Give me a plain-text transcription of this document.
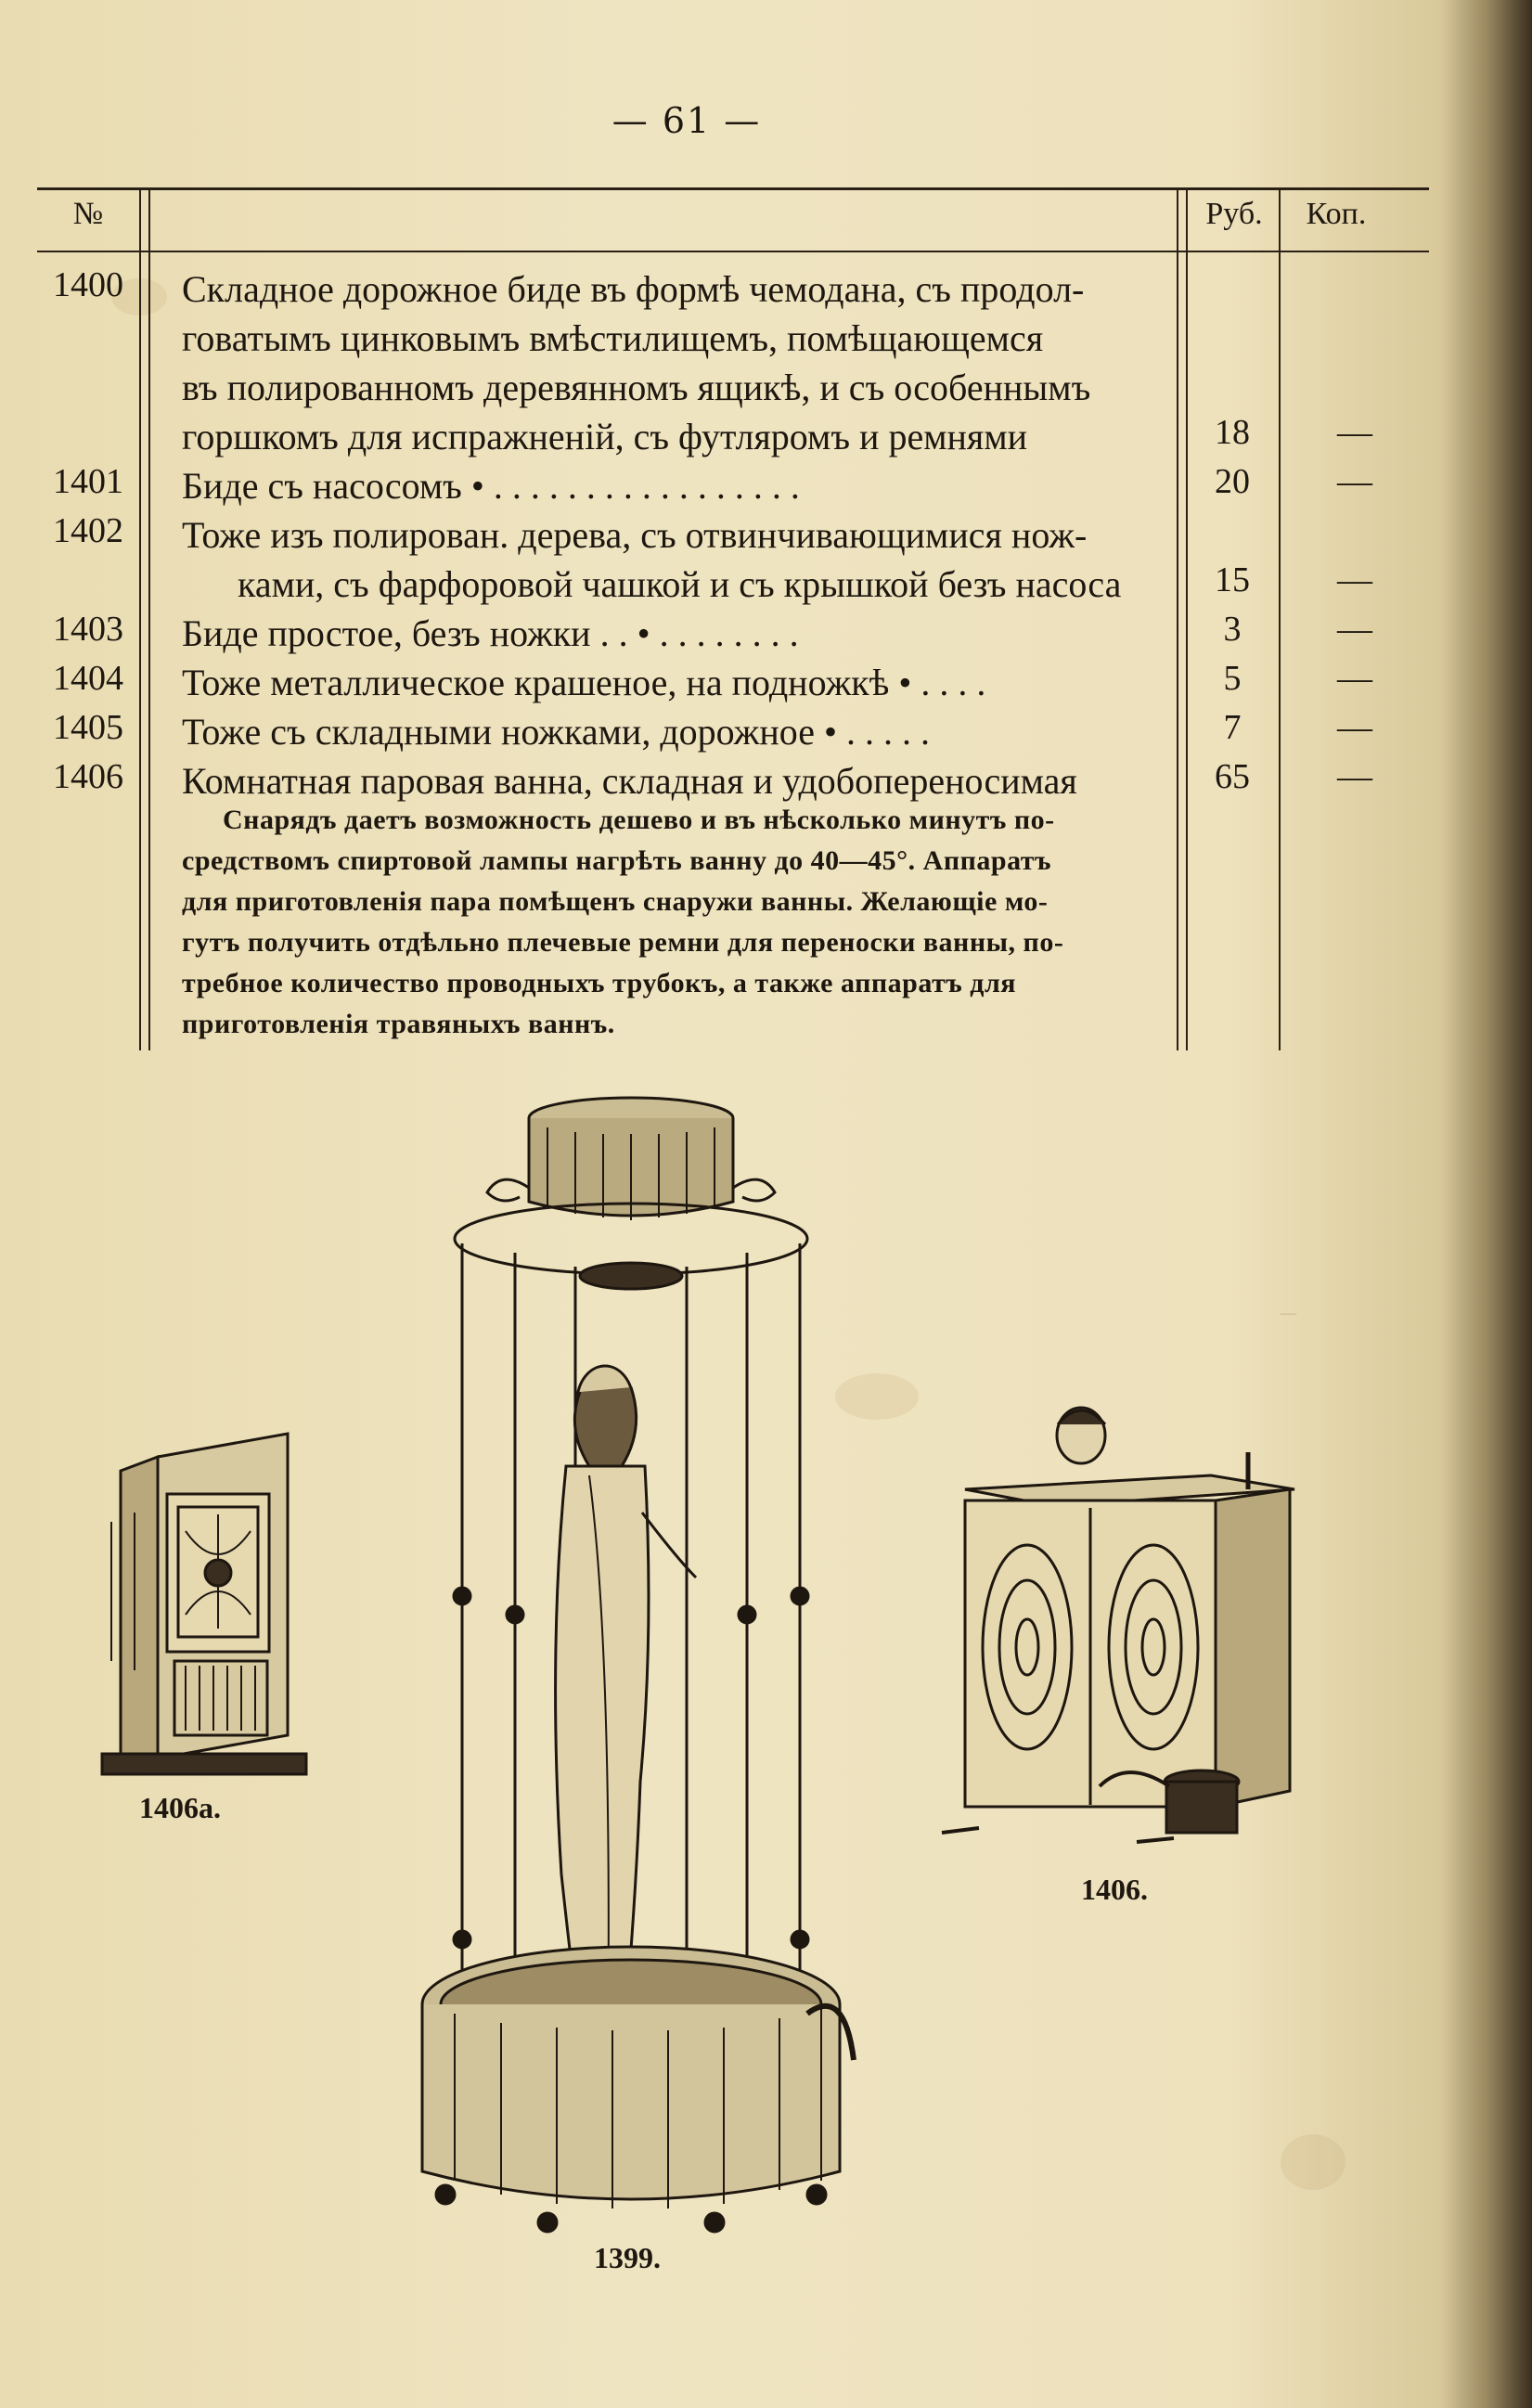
‒
— 61 —
№	Руб.	Коп.
1400	Складное дорожное биде въ формѣ чемодана, съ продол-
говатымъ цинковымъ вмѣстилищемъ, помѣщающемся
въ полированномъ деревянномъ ящикѣ, и съ особеннымъ
горшкомъ для испражненій, съ футляромъ и ремнями	18	—
1401	Биде съ насосомъ • . . . . . . . . . . . . . . . . .	20	—
1402	Тоже изъ полирован. дерева, съ отвинчивающимися нож-
ками, съ фарфоровой чашкой и съ крышкой безъ насоса	15	—
1403	Биде простое, безъ ножки . . • . . . . . . . .	3	—
1404	Тоже металлическое крашеное, на подножкѣ • . . . .	5	—
1405	Тоже съ складными ножками, дорожное • . . . . .	7	—
1406	Комнатная паровая ванна, складная и удобопереносимая	65	—
Снарядъ даетъ возможность дешево и въ нѣсколько минутъ по-
средствомъ спиртовой лампы нагрѣть ванну до 40—45°. Аппаратъ
для приготовленія пара помѣщенъ снаружи ванны. Желающіе мо-
гутъ получить отдѣльно плечевые ремни для переноски ванны, по-
требное количество проводныхъ трубокъ, а также аппаратъ для
приготовленія травяныхъ ваннъ.
1406а.
1399.
1406.
